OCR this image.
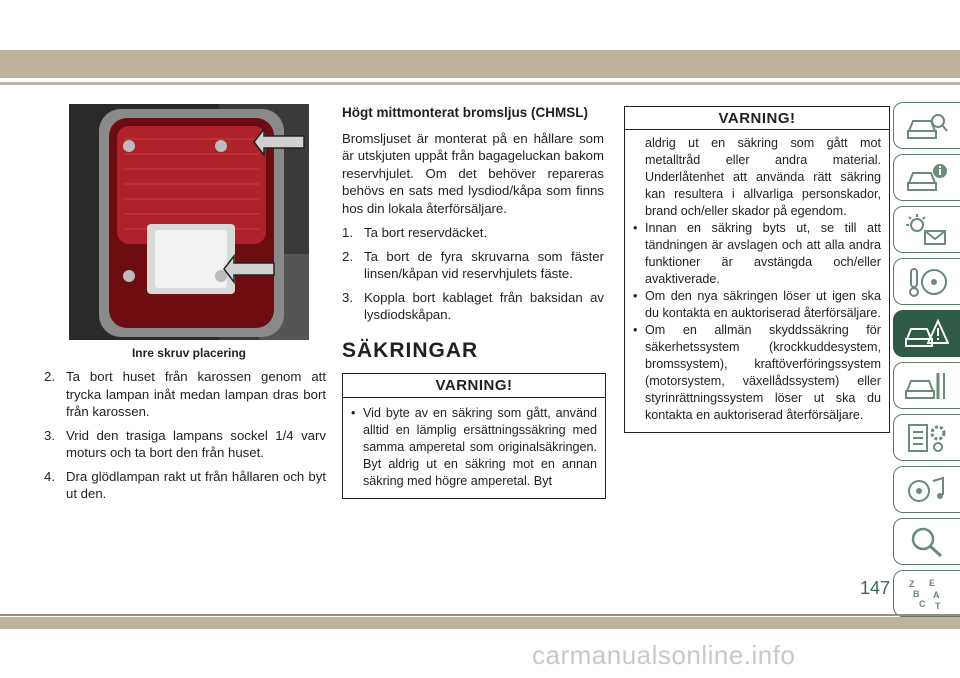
Inre skruv placering
2. Ta bort huset från karossen genom att trycka lampan inåt medan lampan dras bort från karossen.
3. Vrid den trasiga lampans sockel 1/4 varv moturs och ta bort den från huset.
4. Dra glödlampan rakt ut från hållaren och byt ut den.
Högt mittmonterat bromsljus (CHMSL)

Bromsljuset är monterat på en hållare som är utskjuten uppåt från bagageluckan bakom reservhjulet. Om det behöver repareras behövs en sats med lysdiod/kåpa som finns hos din lokala återförsäljare.

1. Ta bort reservdäcket.
2. Ta bort de fyra skruvarna som fäster linsen/kåpan vid reservhjulets fäste.
3. Koppla bort kablaget från baksidan av lysdiodskåpan.
SÄKRINGAR
VARNING!
• Vid byte av en säkring som gått, använd alltid en lämplig ersättningssäkring med samma amperetal som originalsäkringen. Byt aldrig ut en säkring mot en annan säkring med högre amperetal. Byt
VARNING!
aldrig ut en säkring som gått mot metalltråd eller andra material. Underlåtenhet att använda rätt säkring kan resultera i allvarliga personskador, brand och/eller skador på egendom.
• Innan en säkring byts ut, se till att tändningen är avslagen och att alla andra funktioner är avstängda och/eller avaktiverade.
• Om den nya säkringen löser ut igen ska du kontakta en auktoriserad återförsäljare.
• Om en allmän skyddssäkring för säkerhetssystem (krockkuddesystem, bromssystem), kraftöverföringssystem (motorsystem, växellådssystem) eller styrinrättningssystem löser ut ska du kontakta en auktoriserad återförsäljare.
Z E
B A
C T
147
carmanualsonline.info
